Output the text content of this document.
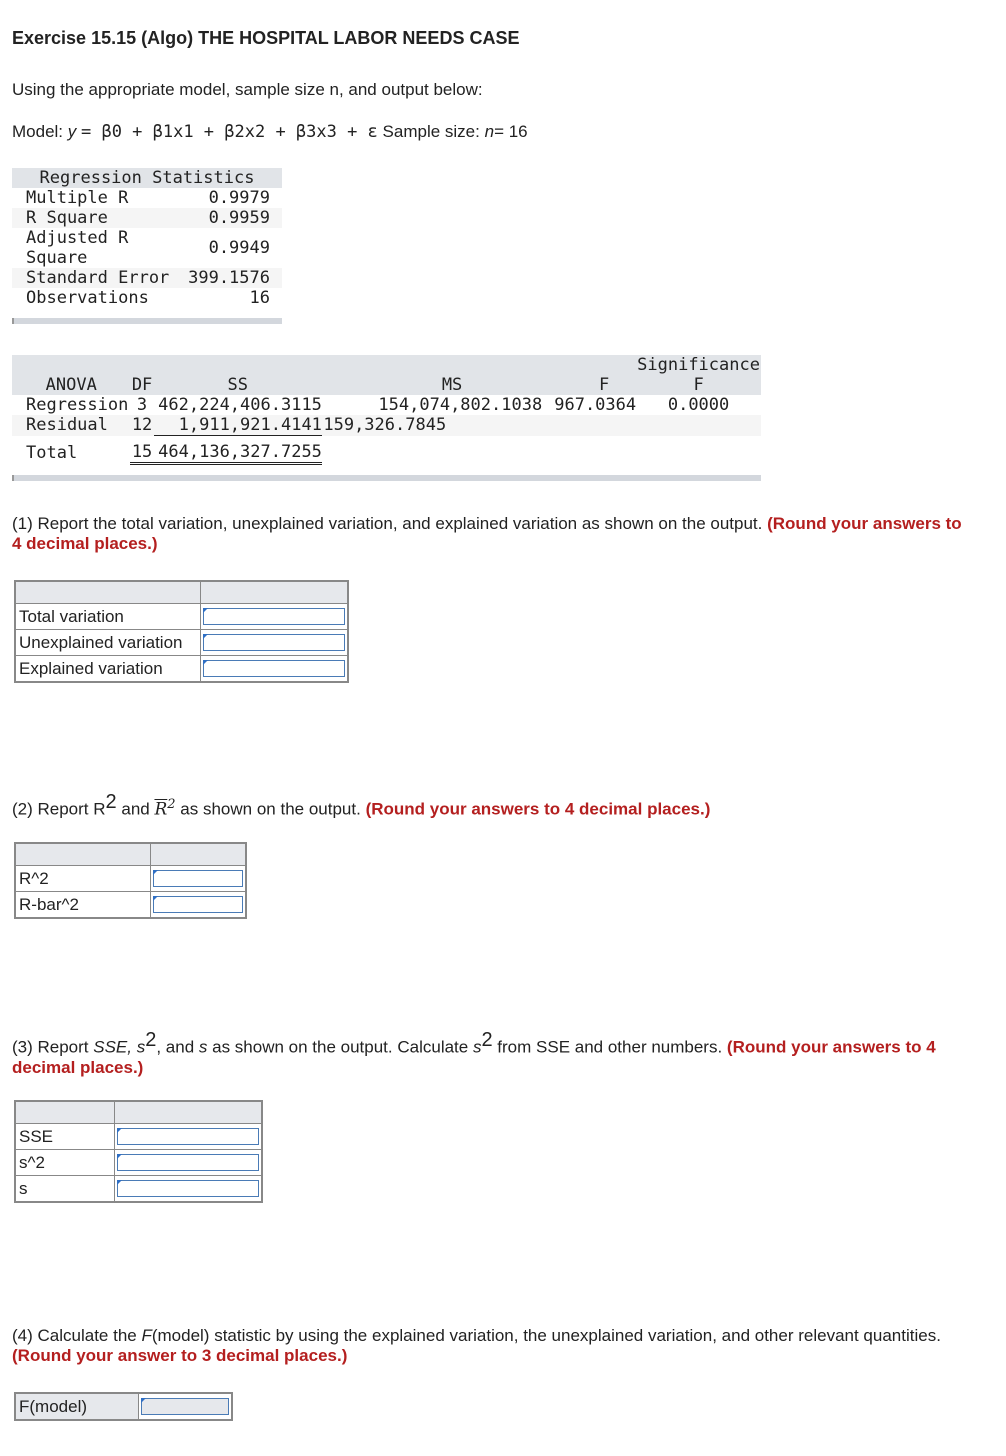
Exercise 15.15 (Algo) THE HOSPITAL LABOR NEEDS CASE
Using the appropriate model, sample size n, and output below:
Model: y = β0 + β1x1 + β2x2 + β3x3 + ε Sample size: n= 16
Regression Statistics
Multiple R	0.9979
R Square	0.9959
Adjusted R Square	0.9949
Standard Error 399.1576
Observations	16
ANOVA	DF	SS	MS	F	Significance F
Regression	3	462,224,406.3115	154,074,802.1038	967.0364	0.0000
Residual	12	1,911,921.4141	159,326.7845		
Total	15	464,136,327.7255			
(1) Report the total variation, unexplained variation, and explained variation as shown on the output. (Round your answers to 4 decimal places.)

Total variation	

Unexplained variation	

Explained variation	
(2) Report $R^2$ and $\overline{R}^2$ as shown on the output. (Round your answers to 4 decimal places.)

R^2	

R-bar^2	
(3) Report SSE, $s^2$, and s as shown on the output. Calculate $s^2$ from SSE and other numbers. (Round your answers to 4 decimal places.)

SSE	

s^2	

s	
(4) Calculate the F(model) statistic by using the explained variation, the unexplained variation, and other relevant quantities. (Round your answer to 3 decimal places.)
F(model)	
